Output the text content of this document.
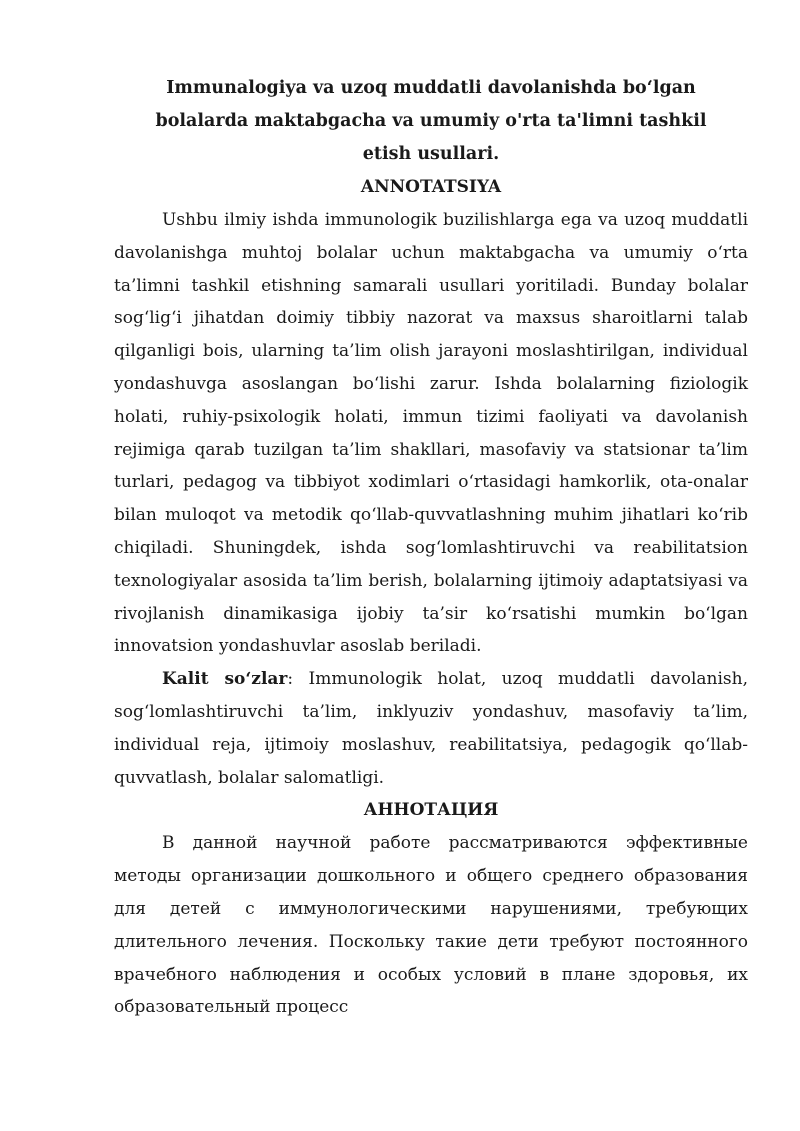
Immunalogiya va uzoq muddatli davolanishda bo‘lgan
bolalarda maktabgacha va umumiy o'rta ta'limni tashkil
etish usullari.
ANNOTATSIYA

Ushbu ilmiy ishda immunologik buzilishlarga ega va uzoq muddatli davolanishga muhtoj bolalar uchun maktabgacha va umumiy o‘rta ta’limni tashkil etishning samarali usullari yoritiladi. Bunday bolalar sog‘lig‘i jihatdan doimiy tibbiy nazorat va maxsus sharoitlarni talab qilganligi bois, ularning ta’lim olish jarayoni moslashtirilgan, individual yondashuvga asoslangan bo‘lishi zarur. Ishda bolalarning fiziologik holati, ruhiy-psixologik holati, immun tizimi faoliyati va davolanish rejimiga qarab tuzilgan ta’lim shakllari, masofaviy va statsionar ta’lim turlari, pedagog va tibbiyot xodimlari o‘rtasidagi hamkorlik, ota-onalar bilan muloqot va metodik qo‘llab-quvvatlashning muhim jihatlari ko‘rib chiqiladi. Shuningdek, ishda sog‘lomlashtiruvchi va reabilitatsion texnologiyalar asosida ta’lim berish, bolalarning ijtimoiy adaptatsiyasi va rivojlanish dinamikasiga ijobiy ta’sir ko‘rsatishi mumkin bo‘lgan innovatsion yondashuvlar asoslab beriladi.

Kalit so‘zlar: Immunologik holat, uzoq muddatli davolanish, sog‘lomlashtiruvchi ta’lim, inklyuziv yondashuv, masofaviy ta’lim, individual reja, ijtimoiy moslashuv, reabilitatsiya, pedagogik qo‘llab-quvvatlash, bolalar salomatligi.

АННОТАЦИЯ

В данной научной работе рассматриваются эффективные методы организации дошкольного и общего среднего образования для детей с иммунологическими нарушениями, требующих длительного лечения. Поскольку такие дети требуют постоянного врачебного наблюдения и особых условий в плане здоровья, их образовательный процесс
